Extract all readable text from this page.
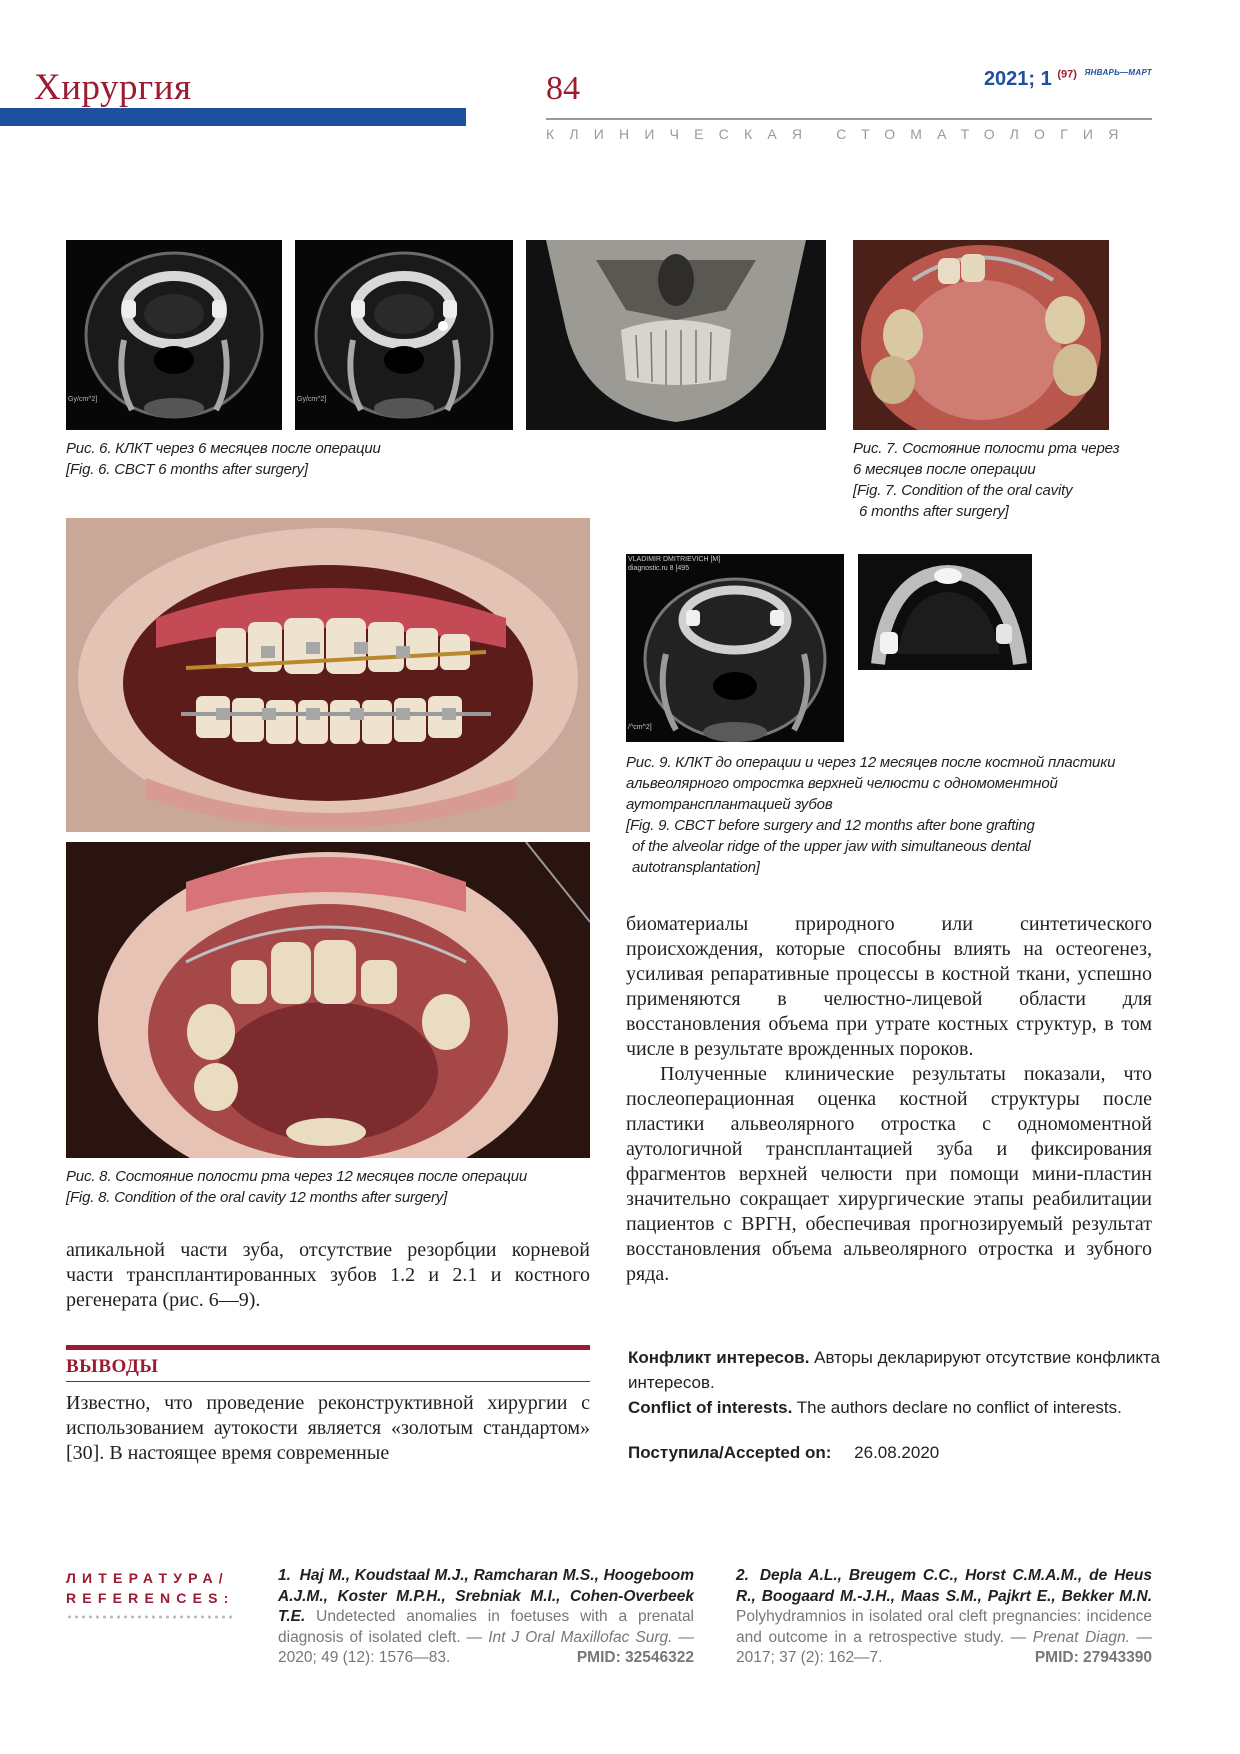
Хирургия	84	2021; 1 $^{(97)}$ $^{ЯНВАРЬ—МАРТ}$
КЛИНИЧЕСКАЯ СТОМАТОЛОГИЯ
Gy/cm^2]	Gy/cm^2]
Рис. 6. КЛКТ через 6 месяцев после операции
[Fig. 6. CBCT 6 months after surgery]
Рис. 7. Состояние полости рта через
6 месяцев после операции
[Fig. 7. Condition of the oral cavity
6 months after surgery]
Рис. 8. Состояние полости рта через 12 месяцев после операции
[Fig. 8. Condition of the oral cavity 12 months after surgery]
VLADIMIR DMITRIEVICH [M]
diagnostic.ru 8 [495
/^cm^2]
Рис. 9. КЛКТ до операции и через 12 месяцев после костной пластики
альвеолярного отростка верхней челюсти с одномоментной
аутотрансплантацией зубов
[Fig. 9. CBCT before surgery and 12 months after bone grafting
of the alveolar ridge of the upper jaw with simultaneous dental
autotransplantation]

апикальной части зуба, отсутствие резорбции корневой части трансплантированных зубов 1.2 и 2.1 и костного регенерата (рис. 6—9).

ВЫВОДЫ

Известно, что проведение реконструктивной хирургии с использованием аутокости является «золотым стандартом» [30]. В настоящее время современные

биоматериалы природного или синтетического происхождения, которые способны влиять на остеогенез, усиливая репаративные процессы в костной ткани, успешно применяются в челюстно-лицевой области для восстановления объема при утрате костных структур, в том числе в результате врожденных пороков.

Полученные клинические результаты показали, что послеоперационная оценка костной структуры после пластики альвеолярного отростка с одномоментной аутологичной трансплантацией зуба и фиксирования фрагментов верхней челюсти при помощи мини-пластин значительно сокращает хирургические этапы реабилитации пациентов с ВРГН, обеспечивая прогнозируемый результат восстановления объема альвеолярного отростка и зубного ряда.

Конфликт интересов. Авторы декларируют отсутствие конфликта интересов.
Conflict of interests. The authors declare no conflict of interests.
Поступила/Accepted on: 26.08.2020
ЛИТЕРАТУРА/
REFERENCES:
1. Haj M., Koudstaal M.J., Ramcharan M.S., Hoogeboom A.J.M., Koster M.P.H., Srebniak M.I., Cohen-Overbeek T.E. Undetected anomalies in foetuses with a prenatal diagnosis of isolated cleft. — Int J Oral Maxillofac Surg. — 2020; 49 (12): 1576—83.	PMID: 32546322
2. Depla A.L., Breugem C.C., Horst C.M.A.M., de Heus R., Boogaard M.-J.H., Maas S.M., Pajkrt E., Bekker M.N. Polyhydramnios in isolated oral cleft pregnancies: incidence and outcome in a retrospective study. — Prenat Diagn. — 2017; 37 (2): 162—7.	PMID: 27943390
